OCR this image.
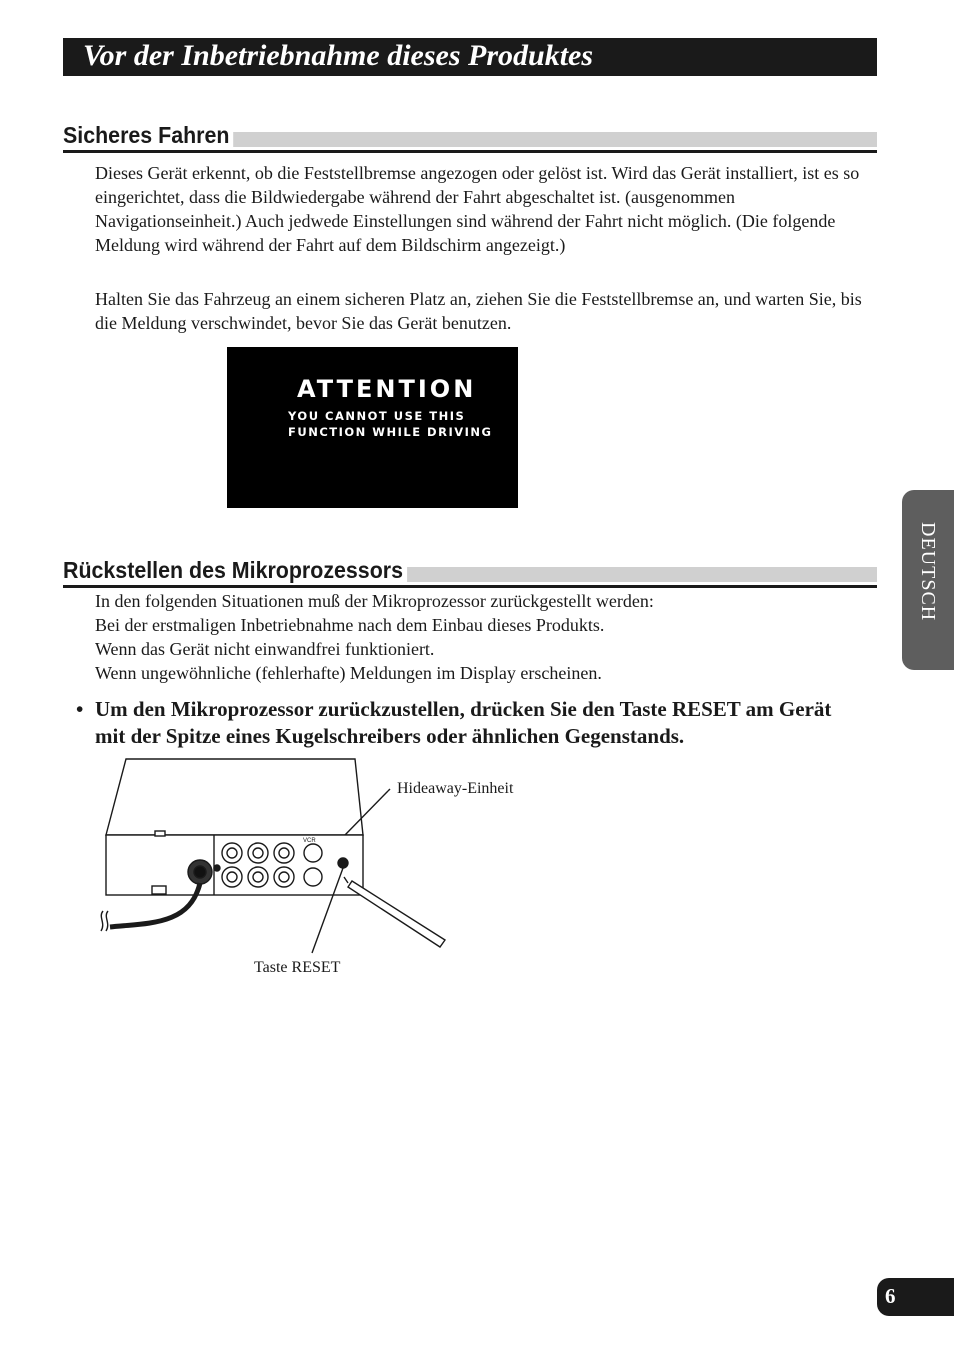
Vor der Inbetriebnahme dieses Produktes
Sicheres Fahren

Dieses Gerät erkennt, ob die Feststellbremse angezogen oder gelöst ist. Wird das Gerät installiert, ist es so eingerichtet, dass die Bildwiedergabe während der Fahrt abgeschaltet ist. (ausgenommen Navigationseinheit.) Auch jedwede Einstellungen sind während der Fahrt nicht möglich. (Die folgende Meldung wird während der Fahrt auf dem Bildschirm angezeigt.)

Halten Sie das Fahrzeug an einem sicheren Platz an, ziehen Sie die Feststellbremse an, und warten Sie, bis die Meldung verschwindet, bevor Sie das Gerät benutzen.

ATTENTION
YOU CANNOT USE THIS
FUNCTION WHILE DRIVING
Rückstellen des Mikroprozessors

In den folgenden Situationen muß der Mikroprozessor zurückgestellt werden:

Bei der erstmaligen Inbetriebnahme nach dem Einbau dieses Produkts.

Wenn das Gerät nicht einwandfrei funktioniert.

Wenn ungewöhnliche (fehlerhafte) Meldungen im Display erscheinen.

• Um den Mikroprozessor zurückzustellen, drücken Sie den Taste RESET am Gerät mit der Spitze eines Kugelschreibers oder ähnlichen Gegenstands.
VCR
Hideaway-Einheit
Taste RESET
DEUTSCH
6
